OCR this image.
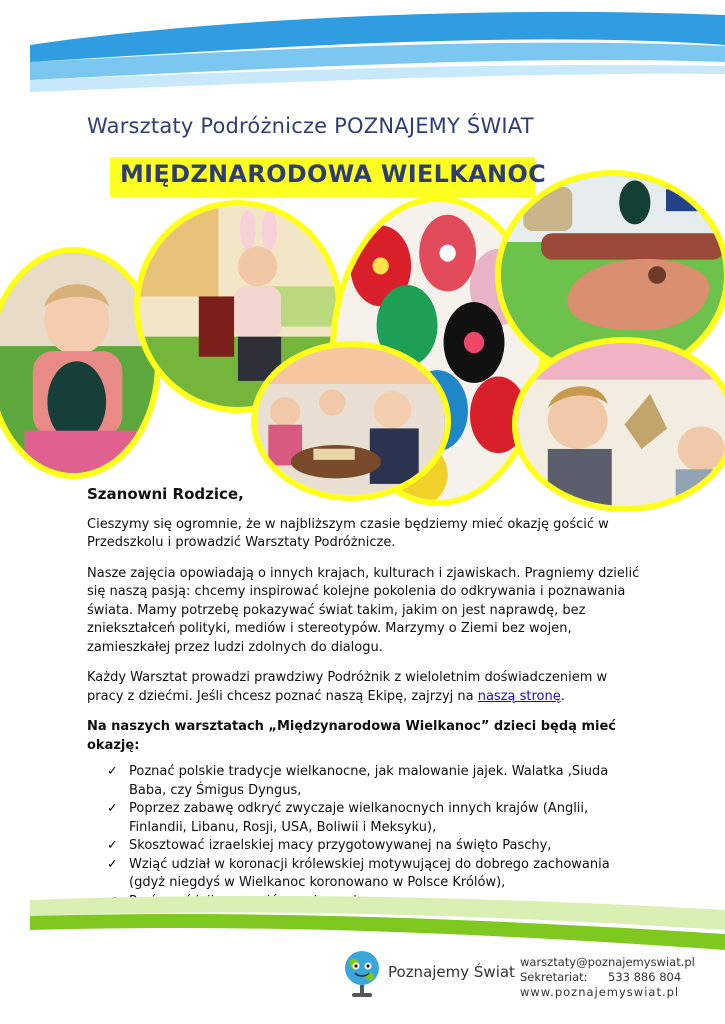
Warsztaty Podróżnicze POZNAJEMY ŚWIAT
MIĘDZNARODOWA WIELKANOC

Szanowni Rodzice,

Cieszymy się ogromnie, że w najbliższym czasie będziemy mieć okazję gościć w Przedszkolu i prowadzić Warsztaty Podróżnicze.

Nasze zajęcia opowiadają o innych krajach, kulturach i zjawiskach. Pragniemy dzielić się naszą pasją: chcemy inspirować kolejne pokolenia do odkrywania i poznawania świata. Mamy potrzebę pokazywać świat takim, jakim on jest naprawdę, bez zniekształceń polityki, mediów i stereotypów. Marzymy o Ziemi bez wojen, zamieszkałej przez ludzi zdolnych do dialogu.

Każdy Warsztat prowadzi prawdziwy Podróżnik z wieloletnim doświadczeniem w pracy z dziećmi. Jeśli chcesz poznać naszą Ekipę, zajrzyj na naszą stronę.

Na naszych warsztatach „Międzynarodowa Wielkanoc” dzieci będą mieć okazję:

✓ Poznać polskie tradycje wielkanocne, jak malowanie jajek. Walatka ,Siuda Baba, czy Śmigus Dyngus,
✓ Poprzez zabawę odkryć zwyczaje wielkanocnych innych krajów (Anglii, Finlandii, Libanu, Rosji, USA, Boliwii i Meksyku),
✓ Skosztować izraelskiej macy przygotowywanej na święto Paschy,
✓ Wziąć udział w koronacji królewskiej motywującej do dobrego zachowania (gdyż niegdyś w Wielkanoc koronowano w Polsce Królów),
Poznajemy Świat
warsztaty@poznajemyswiat.pl
Sekretariat: 533 886 804
www.poznajemyswiat.pl
